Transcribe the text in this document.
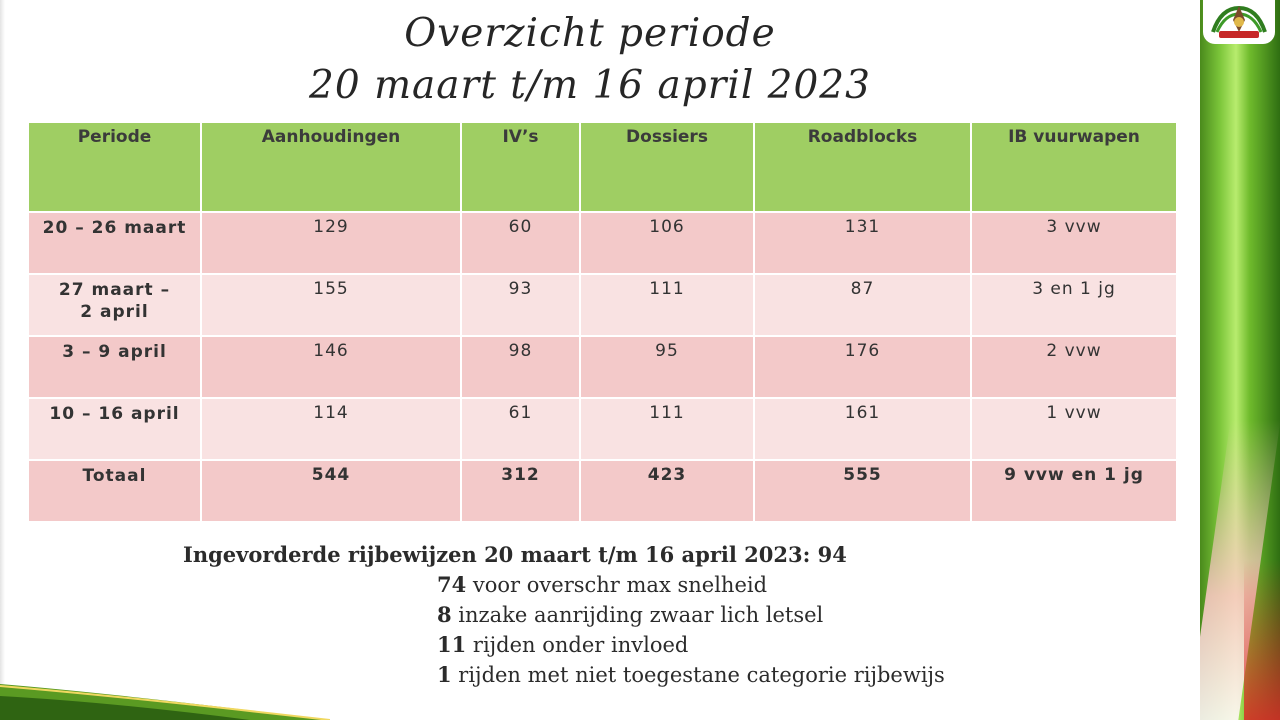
Overzicht periode
20 maart t/m 16 april 2023
Periode	Aanhoudingen	IV’s	Dossiers	Roadblocks	IB vuurwapen
20 – 26 maart	129	60	106	131	3 vvw
27 maart –
2 april	155	93	111	87	3 en 1 jg
3 – 9 april	146	98	95	176	2 vvw
10 – 16 april	114	61	111	161	1 vvw
Totaal	544	312	423	555	9 vvw en 1 jg
Ingevorderde rijbewijzen 20 maart t/m 16 april 2023: 94
74 voor overschr max snelheid
8 inzake aanrijding zwaar lich letsel
11 rijden onder invloed
1 rijden met niet toegestane categorie rijbewijs
